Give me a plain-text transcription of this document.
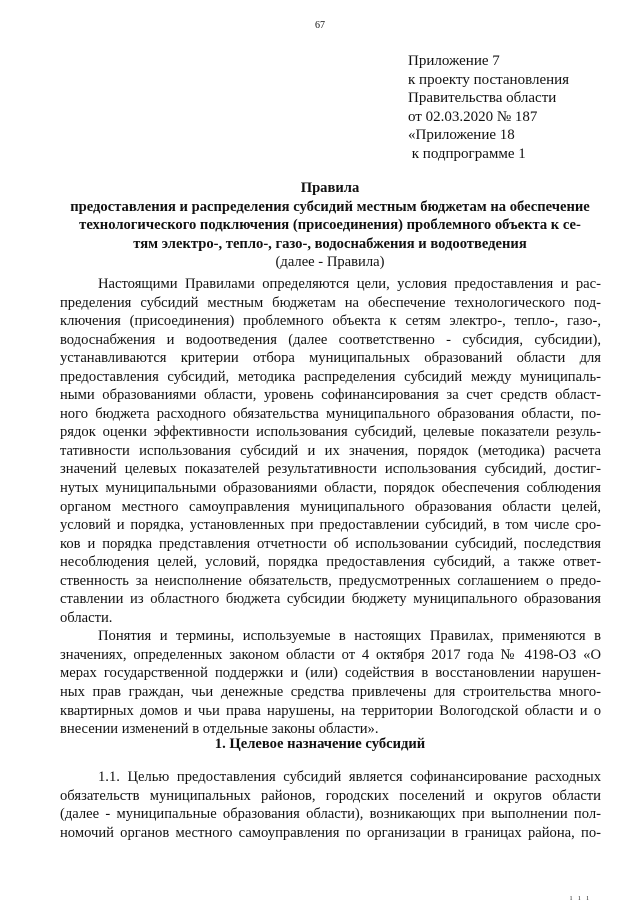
67
Приложение 7
к проекту постановления
Правительства области
от 02.03.2020 № 187
«Приложение 18
к подпрограмме 1
Правила
предоставления и распределения субсидий местным бюджетам на обеспечение
технологического подключения (присоединения) проблемного объекта к се-
тям электро-, тепло-, газо-, водоснабжения и водоотведения
(далее - Правила)
Настоящими Правилами определяются цели, условия предоставления и рас-
пределения субсидий местным бюджетам на обеспечение технологического под-
ключения (присоединения) проблемного объекта к сетям электро-, тепло-, газо-,
водоснабжения и водоотведения (далее соответственно - субсидия, субсидии),
устанавливаются критерии отбора муниципальных образований области для
предоставления субсидий, методика распределения субсидий между муниципаль-
ными образованиями области, уровень софинансирования за счет средств област-
ного бюджета расходного обязательства муниципального образования области, по-
рядок оценки эффективности использования субсидий, целевые показатели резуль-
тативности использования субсидий и их значения, порядок (методика) расчета
значений целевых показателей результативности использования субсидий, достиг-
нутых муниципальными образованиями области, порядок обеспечения соблюдения
органом местного самоуправления муниципального образования области целей,
условий и порядка, установленных при предоставлении субсидий, в том числе сро-
ков и порядка представления отчетности об использовании субсидий, последствия
несоблюдения целей, условий, порядка предоставления субсидий, а также ответ-
ственность за неисполнение обязательств, предусмотренных соглашением о предо-
ставлении из областного бюджета субсидии бюджету муниципального образования
области.
Понятия и термины, используемые в настоящих Правилах, применяются в
значениях, определенных законом области от 4 октября 2017 года № 4198-ОЗ «О
мерах государственной поддержки и (или) содействия в восстановлении нарушен-
ных прав граждан, чьи денежные средства привлечены для строительства много-
квартирных домов и чьи права нарушены, на территории Вологодской области и о
внесении изменений в отдельные законы области».
1. Целевое назначение субсидий
1.1. Целью предоставления субсидий является софинансирование расходных
обязательств муниципальных районов, городских поселений и округов области
(далее - муниципальные образования области), возникающих при выполнении пол-
номочий органов местного самоуправления по организации в границах района, по-
ı ı ı
